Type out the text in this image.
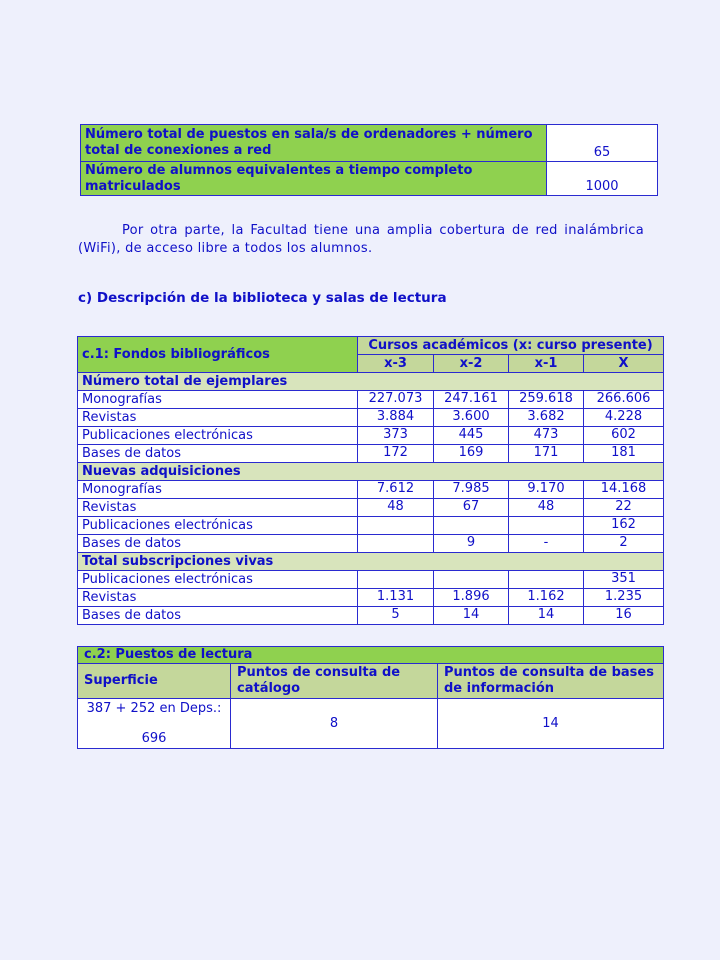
Número total de puestos en sala/s de ordenadores + número total de conexiones a red	65
Número de alumnos equivalentes a tiempo completo matriculados	1000
Por otra parte, la Facultad tiene una amplia cobertura de red inalámbrica (WiFi), de acceso libre a todos los alumnos.
c) Descripción de la biblioteca y salas de lectura
c.1: Fondos bibliográficos	Cursos académicos (x: curso presente)			
	x-3	x-2	x-1	X
Número total de ejemplares				
Monografías	227.073	247.161	259.618	266.606
Revistas	3.884	3.600	3.682	4.228
Publicaciones electrónicas	373	445	473	602
Bases de datos	172	169	171	181
Nuevas adquisiciones				
Monografías	7.612	7.985	9.170	14.168
Revistas	48	67	48	22
Publicaciones electrónicas				162
Bases de datos		9	-	2
Total subscripciones vivas				
Publicaciones electrónicas				351
Revistas	1.131	1.896	1.162	1.235
Bases de datos	5	14	14	16
c.2: Puestos de lectura		
Superficie	Puntos de consulta de catálogo	Puntos de consulta de bases de información

387 + 252 en Deps.:
696	8	14
